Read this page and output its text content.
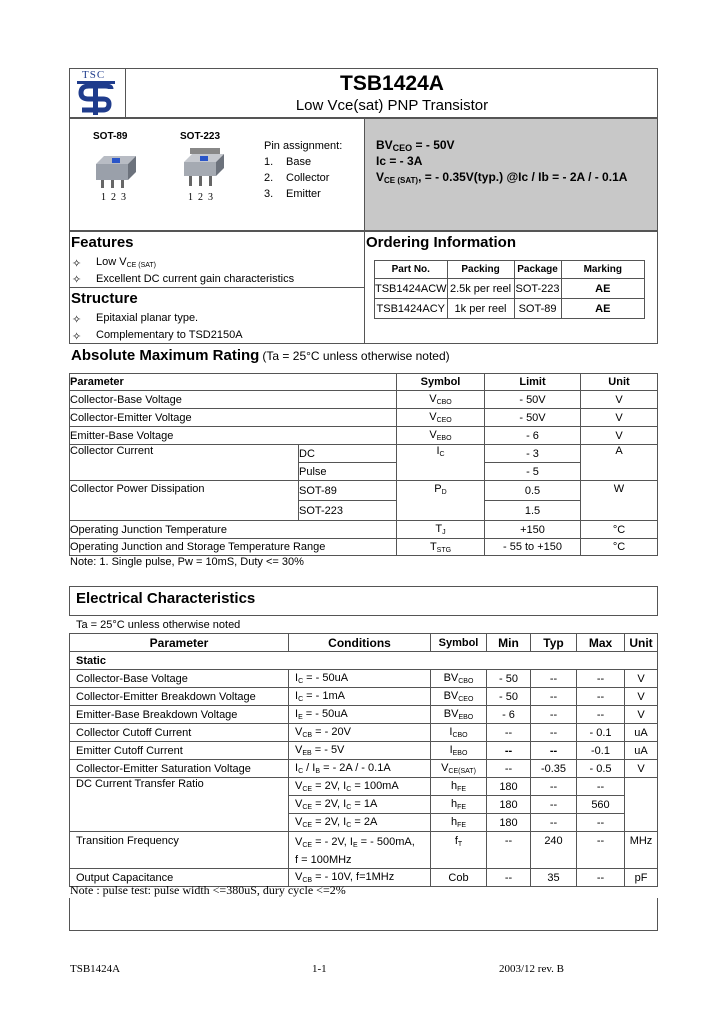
TSC	TSB1424A
Low Vce(sat) PNP Transistor
SOT-89	SOT-223
1  2  3	1  2  3
Pin assignment:
1. Base
2. Collector
3. Emitter
$BV_{CEO}$ = - 50V
Ic = - 3A
$V_{CE (SAT)}$, = - 0.35V(typ.) @Ic / Ib = - 2A / - 0.1A
Features
✧ Low $V_{CE (SAT)}$
✧ Excellent DC current gain characteristics
Structure
✧ Epitaxial planar type.
✧ Complementary to TSD2150A
Ordering Information
Part No.	Packing	Package	Marking
TSB1424ACW	2.5k per reel	SOT-223	AE
TSB1424ACY	1k per reel	SOT-89	AE
Absolute Maximum Rating (Ta = 25°C unless otherwise noted)
Parameter		Symbol	Limit	Unit
Collector-Base Voltage		$V_{CBO}$	- 50V	V
Collector-Emitter Voltage		$V_{CEO}$	- 50V	V
Emitter-Base Voltage		$V_{EBO}$	- 6	V
Collector Current	DC	$I_C$	- 3	A
	Pulse		- 5	
Collector Power Dissipation	SOT-89	$P_D$	0.5	W
	SOT-223		1.5	
Operating Junction Temperature		$T_J$	+150	°C
Operating Junction and Storage Temperature Range		$T_{STG}$	- 55 to +150	°C
Note: 1. Single pulse, Pw = 10mS, Duty <= 30%
Electrical Characteristics
Ta = 25°C unless otherwise noted
Parameter	Conditions	Symbol	Min	Typ	Max	Unit
Static						
Collector-Base Voltage	$I_C$ = - 50uA	$BV_{CBO}$	- 50	--	--	V
Collector-Emitter Breakdown Voltage	$I_C$ = - 1mA	$BV_{CEO}$	- 50	--	--	V
Emitter-Base Breakdown Voltage	$I_E$ = - 50uA	$BV_{EBO}$	- 6	--	--	V
Collector Cutoff Current	$V_{CB}$ = - 20V	$I_{CBO}$	--	--	- 0.1	uA
Emitter Cutoff Current	$V_{EB}$ = - 5V	$I_{EBO}$	--	--	-0.1	uA
Collector-Emitter Saturation Voltage	$I_C / I_B$ = - 2A / - 0.1A	$V_{CE(SAT)}$	--	-0.35	- 0.5	V
DC Current Transfer Ratio	$V_{CE} = 2V$, $I_C = 100mA$	$h_{FE}$	180	--	--	
	$V_{CE} = 2V$, $I_C = 1A$	$h_{FE}$	180	--	560	
	$V_{CE} = 2V$, $I_C = 2A$	$h_{FE}$	180	--	--	
Transition Frequency	$V_{CE}$ = - 2V, $I_E$ = - 500mA,
f = 100MHz	$f_T$	--	240	--	MHz
Output Capacitance	$V_{CB}$ = - 10V, f=1MHz	Cob	--	35	--	pF
Note : pulse test: pulse width <=380uS, dury cycle <=2%
TSB1424A	1-1	2003/12 rev. B
